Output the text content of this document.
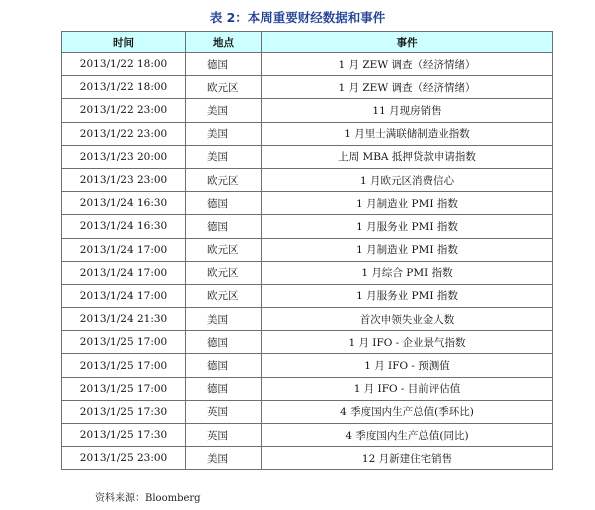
表 2：本周重要财经数据和事件
时间	地点	事件
2013/1/22 18:00	德国	1 月 ZEW 调查（经济情绪）
2013/1/22 18:00	欧元区	1 月 ZEW 调查（经济情绪）
2013/1/22 23:00	美国	11 月现房销售
2013/1/22 23:00	美国	1 月里士满联储制造业指数
2013/1/23 20:00	美国	上周 MBA 抵押贷款申请指数
2013/1/23 23:00	欧元区	1 月欧元区消费信心
2013/1/24 16:30	德国	1 月制造业 PMI 指数
2013/1/24 16:30	德国	1 月服务业 PMI 指数
2013/1/24 17:00	欧元区	1 月制造业 PMI 指数
2013/1/24 17:00	欧元区	1 月综合 PMI 指数
2013/1/24 17:00	欧元区	1 月服务业 PMI 指数
2013/1/24 21:30	美国	首次申领失业金人数
2013/1/25 17:00	德国	1 月 IFO - 企业景气指数
2013/1/25 17:00	德国	1 月 IFO - 预测值
2013/1/25 17:00	德国	1 月 IFO - 目前评估值
2013/1/25 17:30	英国	4 季度国内生产总值(季环比)
2013/1/25 17:30	英国	4 季度国内生产总值(同比)
2013/1/25 23:00	美国	12 月新建住宅销售
资料来源：Bloomberg
